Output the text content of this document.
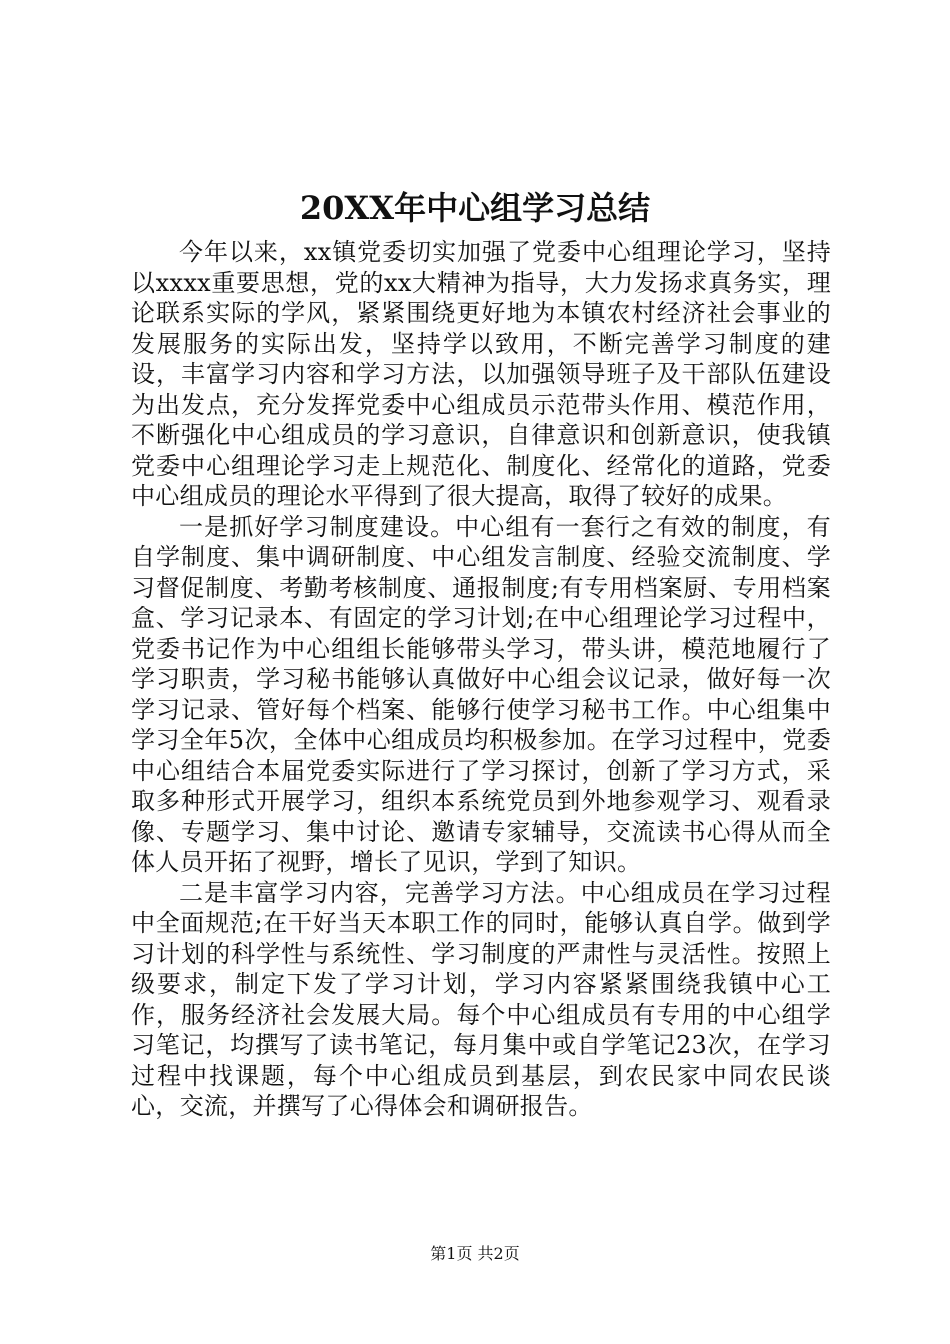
20XX年中心组学习总结

今年以来，xx镇党委切实加强了党委中心组理论学习，坚持以xxxx重要思想，党的xx大精神为指导，大力发扬求真务实，理论联系实际的学风，紧紧围绕更好地为本镇农村经济社会事业的发展服务的实际出发，坚持学以致用，不断完善学习制度的建设，丰富学习内容和学习方法，以加强领导班子及干部队伍建设为出发点，充分发挥党委中心组成员示范带头作用、模范作用，不断强化中心组成员的学习意识，自律意识和创新意识，使我镇党委中心组理论学习走上规范化、制度化、经常化的道路，党委中心组成员的理论水平得到了很大提高，取得了较好的成果。

一是抓好学习制度建设。中心组有一套行之有效的制度，有自学制度、集中调研制度、中心组发言制度、经验交流制度、学习督促制度、考勤考核制度、通报制度;有专用档案厨、专用档案盒、学习记录本、有固定的学习计划;在中心组理论学习过程中，党委书记作为中心组组长能够带头学习，带头讲，模范地履行了学习职责，学习秘书能够认真做好中心组会议记录，做好每一次学习记录、管好每个档案、能够行使学习秘书工作。中心组集中学习全年5次，全体中心组成员均积极参加。在学习过程中，党委中心组结合本届党委实际进行了学习探讨，创新了学习方式，采取多种形式开展学习，组织本系统党员到外地参观学习、观看录像、专题学习、集中讨论、邀请专家辅导，交流读书心得从而全体人员开拓了视野，增长了见识，学到了知识。

二是丰富学习内容，完善学习方法。中心组成员在学习过程中全面规范;在干好当天本职工作的同时，能够认真自学。做到学习计划的科学性与系统性、学习制度的严肃性与灵活性。按照上级要求，制定下发了学习计划，学习内容紧紧围绕我镇中心工作，服务经济社会发展大局。每个中心组成员有专用的中心组学习笔记，均撰写了读书笔记，每月集中或自学笔记23次，在学习过程中找课题，每个中心组成员到基层，到农民家中同农民谈心，交流，并撰写了心得体会和调研报告。

第1页 共2页
